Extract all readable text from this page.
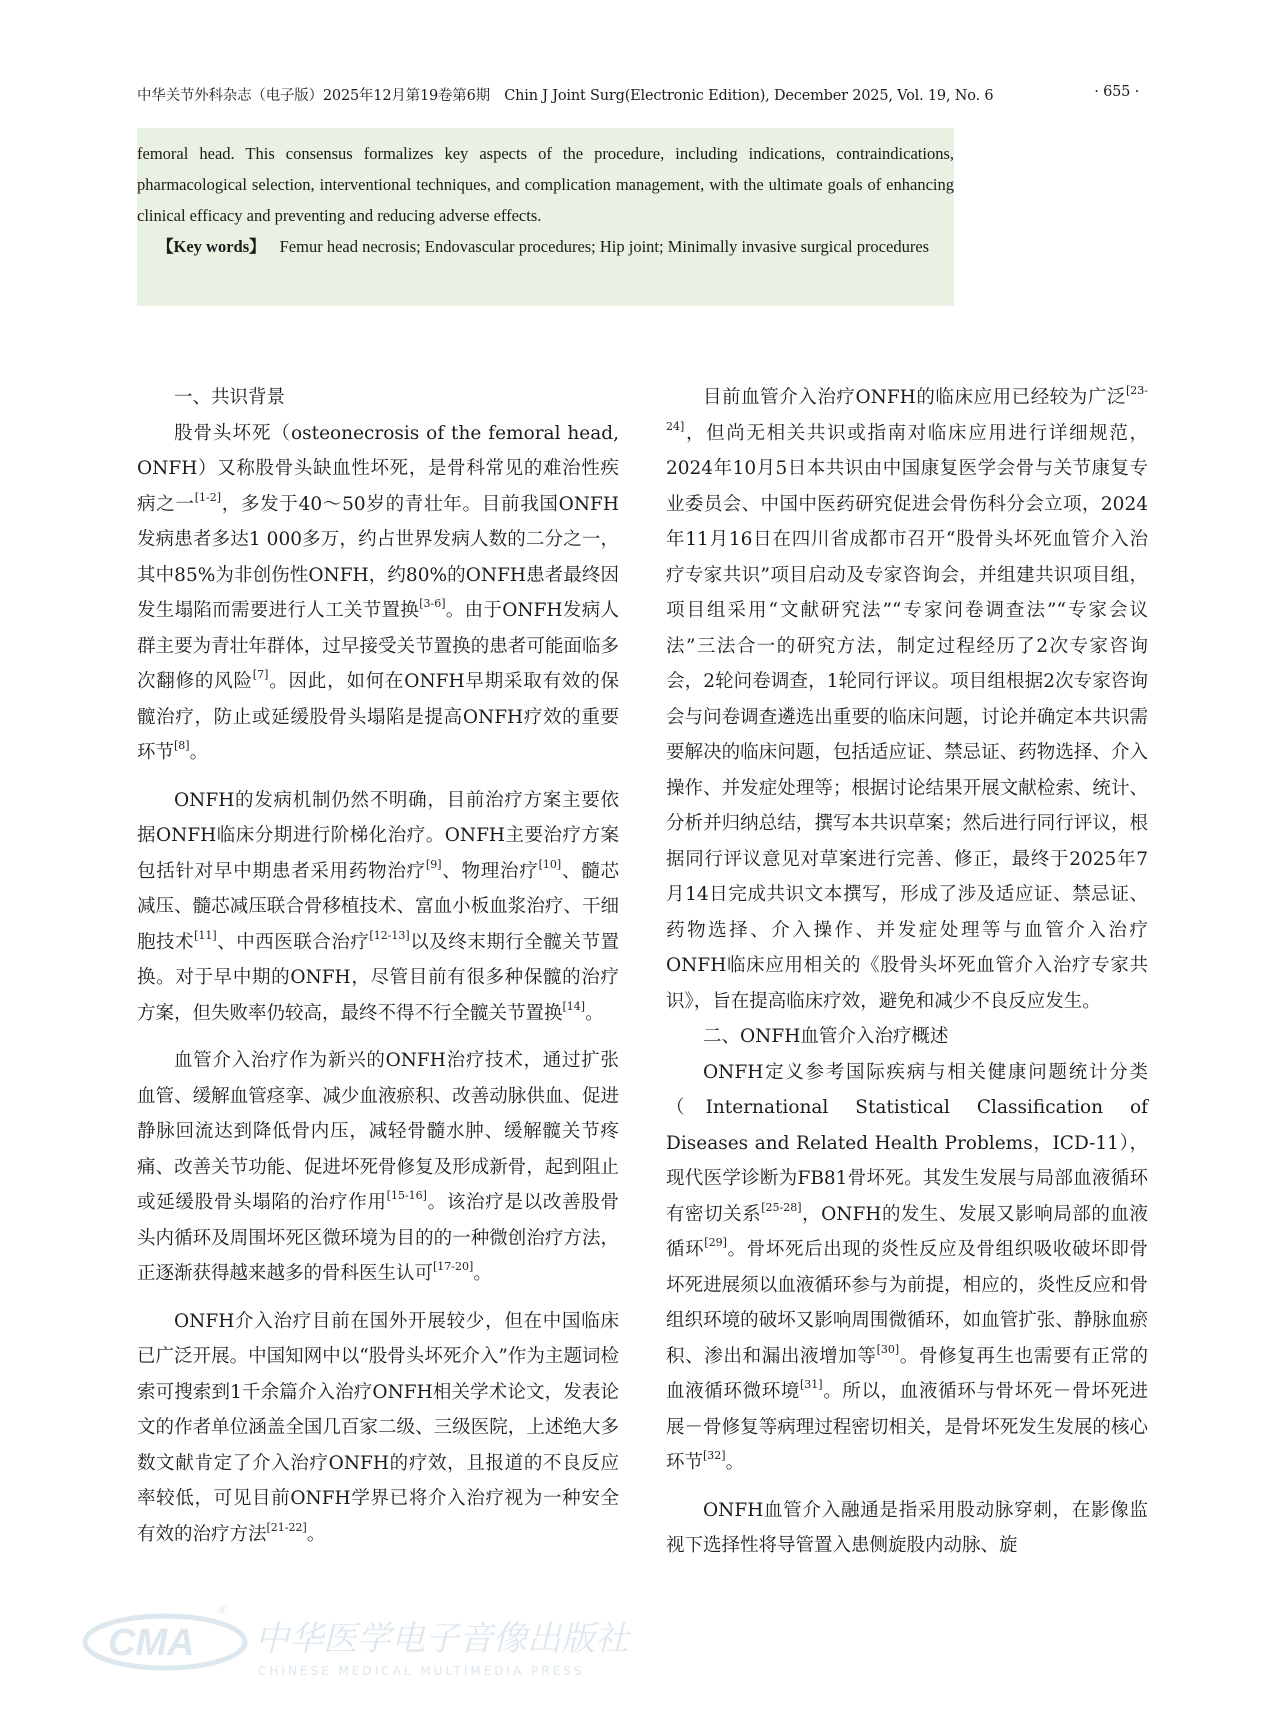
中华关节外科杂志（电子版）2025年12月第19卷第6期　Chin J Joint Surg(Electronic Edition), December 2025, Vol. 19, No. 6	· 655 ·

femoral head. This consensus formalizes key aspects of the procedure, including indications, contraindications, pharmacological selection, interventional techniques, and complication management, with the ultimate goals of enhancing clinical efficacy and preventing and reducing adverse effects.

【Key words】 Femur head necrosis; Endovascular procedures; Hip joint; Minimally invasive surgical procedures

一、共识背景

股骨头坏死（osteonecrosis of the femoral head, ONFH）又称股骨头缺血性坏死，是骨科常见的难治性疾病之一[1-2]，多发于40～50岁的青壮年。目前我国ONFH发病患者多达1 000多万，约占世界发病人数的二分之一，其中85%为非创伤性ONFH，约80%的ONFH患者最终因发生塌陷而需要进行人工关节置换[3-6]。由于ONFH发病人群主要为青壮年群体，过早接受关节置换的患者可能面临多次翻修的风险[7]。因此，如何在ONFH早期采取有效的保髋治疗，防止或延缓股骨头塌陷是提高ONFH疗效的重要环节[8]。

ONFH的发病机制仍然不明确，目前治疗方案主要依据ONFH临床分期进行阶梯化治疗。ONFH主要治疗方案包括针对早中期患者采用药物治疗[9]、物理治疗[10]、髓芯减压、髓芯减压联合骨移植技术、富血小板血浆治疗、干细胞技术[11]、中西医联合治疗[12-13]以及终末期行全髋关节置换。对于早中期的ONFH，尽管目前有很多种保髋的治疗方案，但失败率仍较高，最终不得不行全髋关节置换[14]。

血管介入治疗作为新兴的ONFH治疗技术，通过扩张血管、缓解血管痉挛、减少血液瘀积、改善动脉供血、促进静脉回流达到降低骨内压，减轻骨髓水肿、缓解髋关节疼痛、改善关节功能、促进坏死骨修复及形成新骨，起到阻止或延缓股骨头塌陷的治疗作用[15-16]。该治疗是以改善股骨头内循环及周围坏死区微环境为目的的一种微创治疗方法，正逐渐获得越来越多的骨科医生认可[17-20]。

ONFH介入治疗目前在国外开展较少，但在中国临床已广泛开展。中国知网中以“股骨头坏死介入”作为主题词检索可搜索到1千余篇介入治疗ONFH相关学术论文，发表论文的作者单位涵盖全国几百家二级、三级医院，上述绝大多数文献肯定了介入治疗ONFH的疗效，且报道的不良反应率较低，可见目前ONFH学界已将介入治疗视为一种安全有效的治疗方法[21-22]。

目前血管介入治疗ONFH的临床应用已经较为广泛[23-24]，但尚无相关共识或指南对临床应用进行详细规范，2024年10月5日本共识由中国康复医学会骨与关节康复专业委员会、中国中医药研究促进会骨伤科分会立项，2024年11月16日在四川省成都市召开“股骨头坏死血管介入治疗专家共识”项目启动及专家咨询会，并组建共识项目组，项目组采用“文献研究法”“专家问卷调查法”“专家会议法”三法合一的研究方法，制定过程经历了2次专家咨询会，2轮问卷调查，1轮同行评议。项目组根据2次专家咨询会与问卷调查遴选出重要的临床问题，讨论并确定本共识需要解决的临床问题，包括适应证、禁忌证、药物选择、介入操作、并发症处理等；根据讨论结果开展文献检索、统计、分析并归纳总结，撰写本共识草案；然后进行同行评议，根据同行评议意见对草案进行完善、修正，最终于2025年7月14日完成共识文本撰写，形成了涉及适应证、禁忌证、药物选择、介入操作、并发症处理等与血管介入治疗ONFH临床应用相关的《股骨头坏死血管介入治疗专家共识》，旨在提高临床疗效，避免和减少不良反应发生。

二、ONFH血管介入治疗概述

ONFH定义参考国际疾病与相关健康问题统计分类（International Statistical Classification of Diseases and Related Health Problems，ICD-11），现代医学诊断为FB81骨坏死。其发生发展与局部血液循环有密切关系[25-28]，ONFH的发生、发展又影响局部的血液循环[29]。骨坏死后出现的炎性反应及骨组织吸收破坏即骨坏死进展须以血液循环参与为前提，相应的，炎性反应和骨组织环境的破坏又影响周围微循环，如血管扩张、静脉血瘀积、渗出和漏出液增加等[30]。骨修复再生也需要有正常的血液循环微环境[31]。所以，血液循环与骨坏死－骨坏死进展－骨修复等病理过程密切相关，是骨坏死发生发展的核心环节[32]。

ONFH血管介入融通是指采用股动脉穿刺，在影像监视下选择性将导管置入患侧旋股内动脉、旋

CMA
®
中华医学电子音像出版社
CHINESE MEDICAL MULTIMEDIA PRESS
